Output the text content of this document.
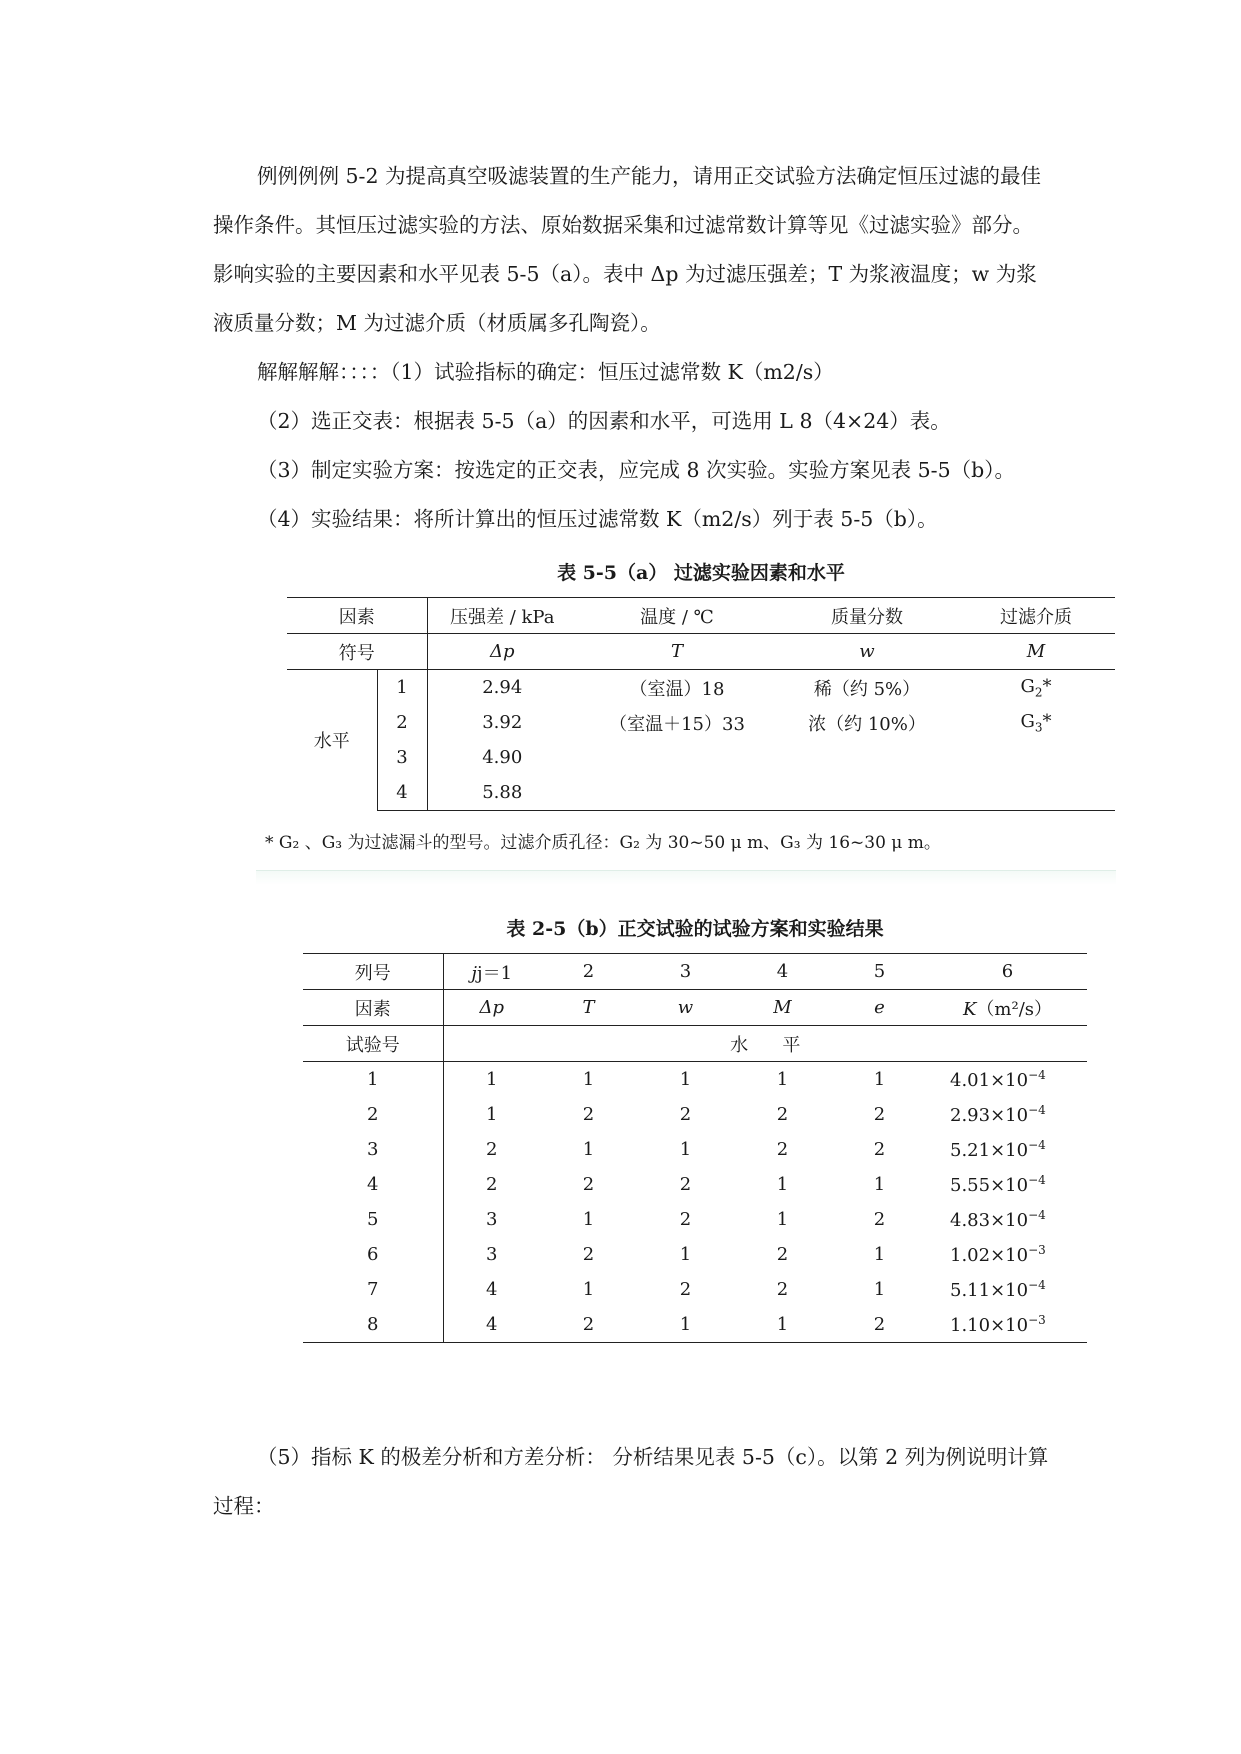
例例例例 5-2 为提高真空吸滤装置的生产能力，请用正交试验方法确定恒压过滤的最佳操作条件。其恒压过滤实验的方法、原始数据采集和过滤常数计算等见《过滤实验》部分。影响实验的主要因素和水平见表 5-5（a）。表中 Δp 为过滤压强差；T 为浆液温度；w 为浆液质量分数；M 为过滤介质（材质属多孔陶瓷）。
解解解解：：：：（1）试验指标的确定：恒压过滤常数 K（m2/s）
（2）选正交表：根据表 5-5（a）的因素和水平，可选用 L 8（4×24）表。
（3）制定实验方案：按选定的正交表，应完成 8 次实验。实验方案见表 5-5（b）。
（4）实验结果：将所计算出的恒压过滤常数 K（m2/s）列于表 5-5（b）。
表 5-5（a） 过滤实验因素和水平
因素		压强差 / kPa	温度 / ℃	质量分数	过滤介质
符号		Δp	T	w	M
水平	1	2.94	（室温）18	稀（约 5%）	$G_2*$
	2	3.92	（室温＋15）33	浓（约 10%）	$G_3*$
	3	4.90			
	4	5.88			
* G₂ 、G₃ 为过滤漏斗的型号。过滤介质孔径：G₂ 为 30~50 μ m、G₃ 为 16~30 μ m。
表 2-5（b）正交试验的试验方案和实验结果
列号	jj＝1	2	3	4	5	6
因素	Δp	T	w	M	e	K（m²/s）
试验号	水      平					
1	1	1	1	1	1	$4.01\times 10^{-4}$
2	1	2	2	2	2	$2.93\times 10^{-4}$
3	2	1	1	2	2	$5.21\times 10^{-4}$
4	2	2	2	1	1	$5.55\times 10^{-4}$
5	3	1	2	1	2	$4.83\times 10^{-4}$
6	3	2	1	2	1	$1.02\times 10^{-3}$
7	4	1	2	2	1	$5.11\times 10^{-4}$
8	4	2	1	1	2	$1.10\times 10^{-3}$
（5）指标 K 的极差分析和方差分析： 分析结果见表 5-5（c）。以第 2 列为例说明计算过程：
